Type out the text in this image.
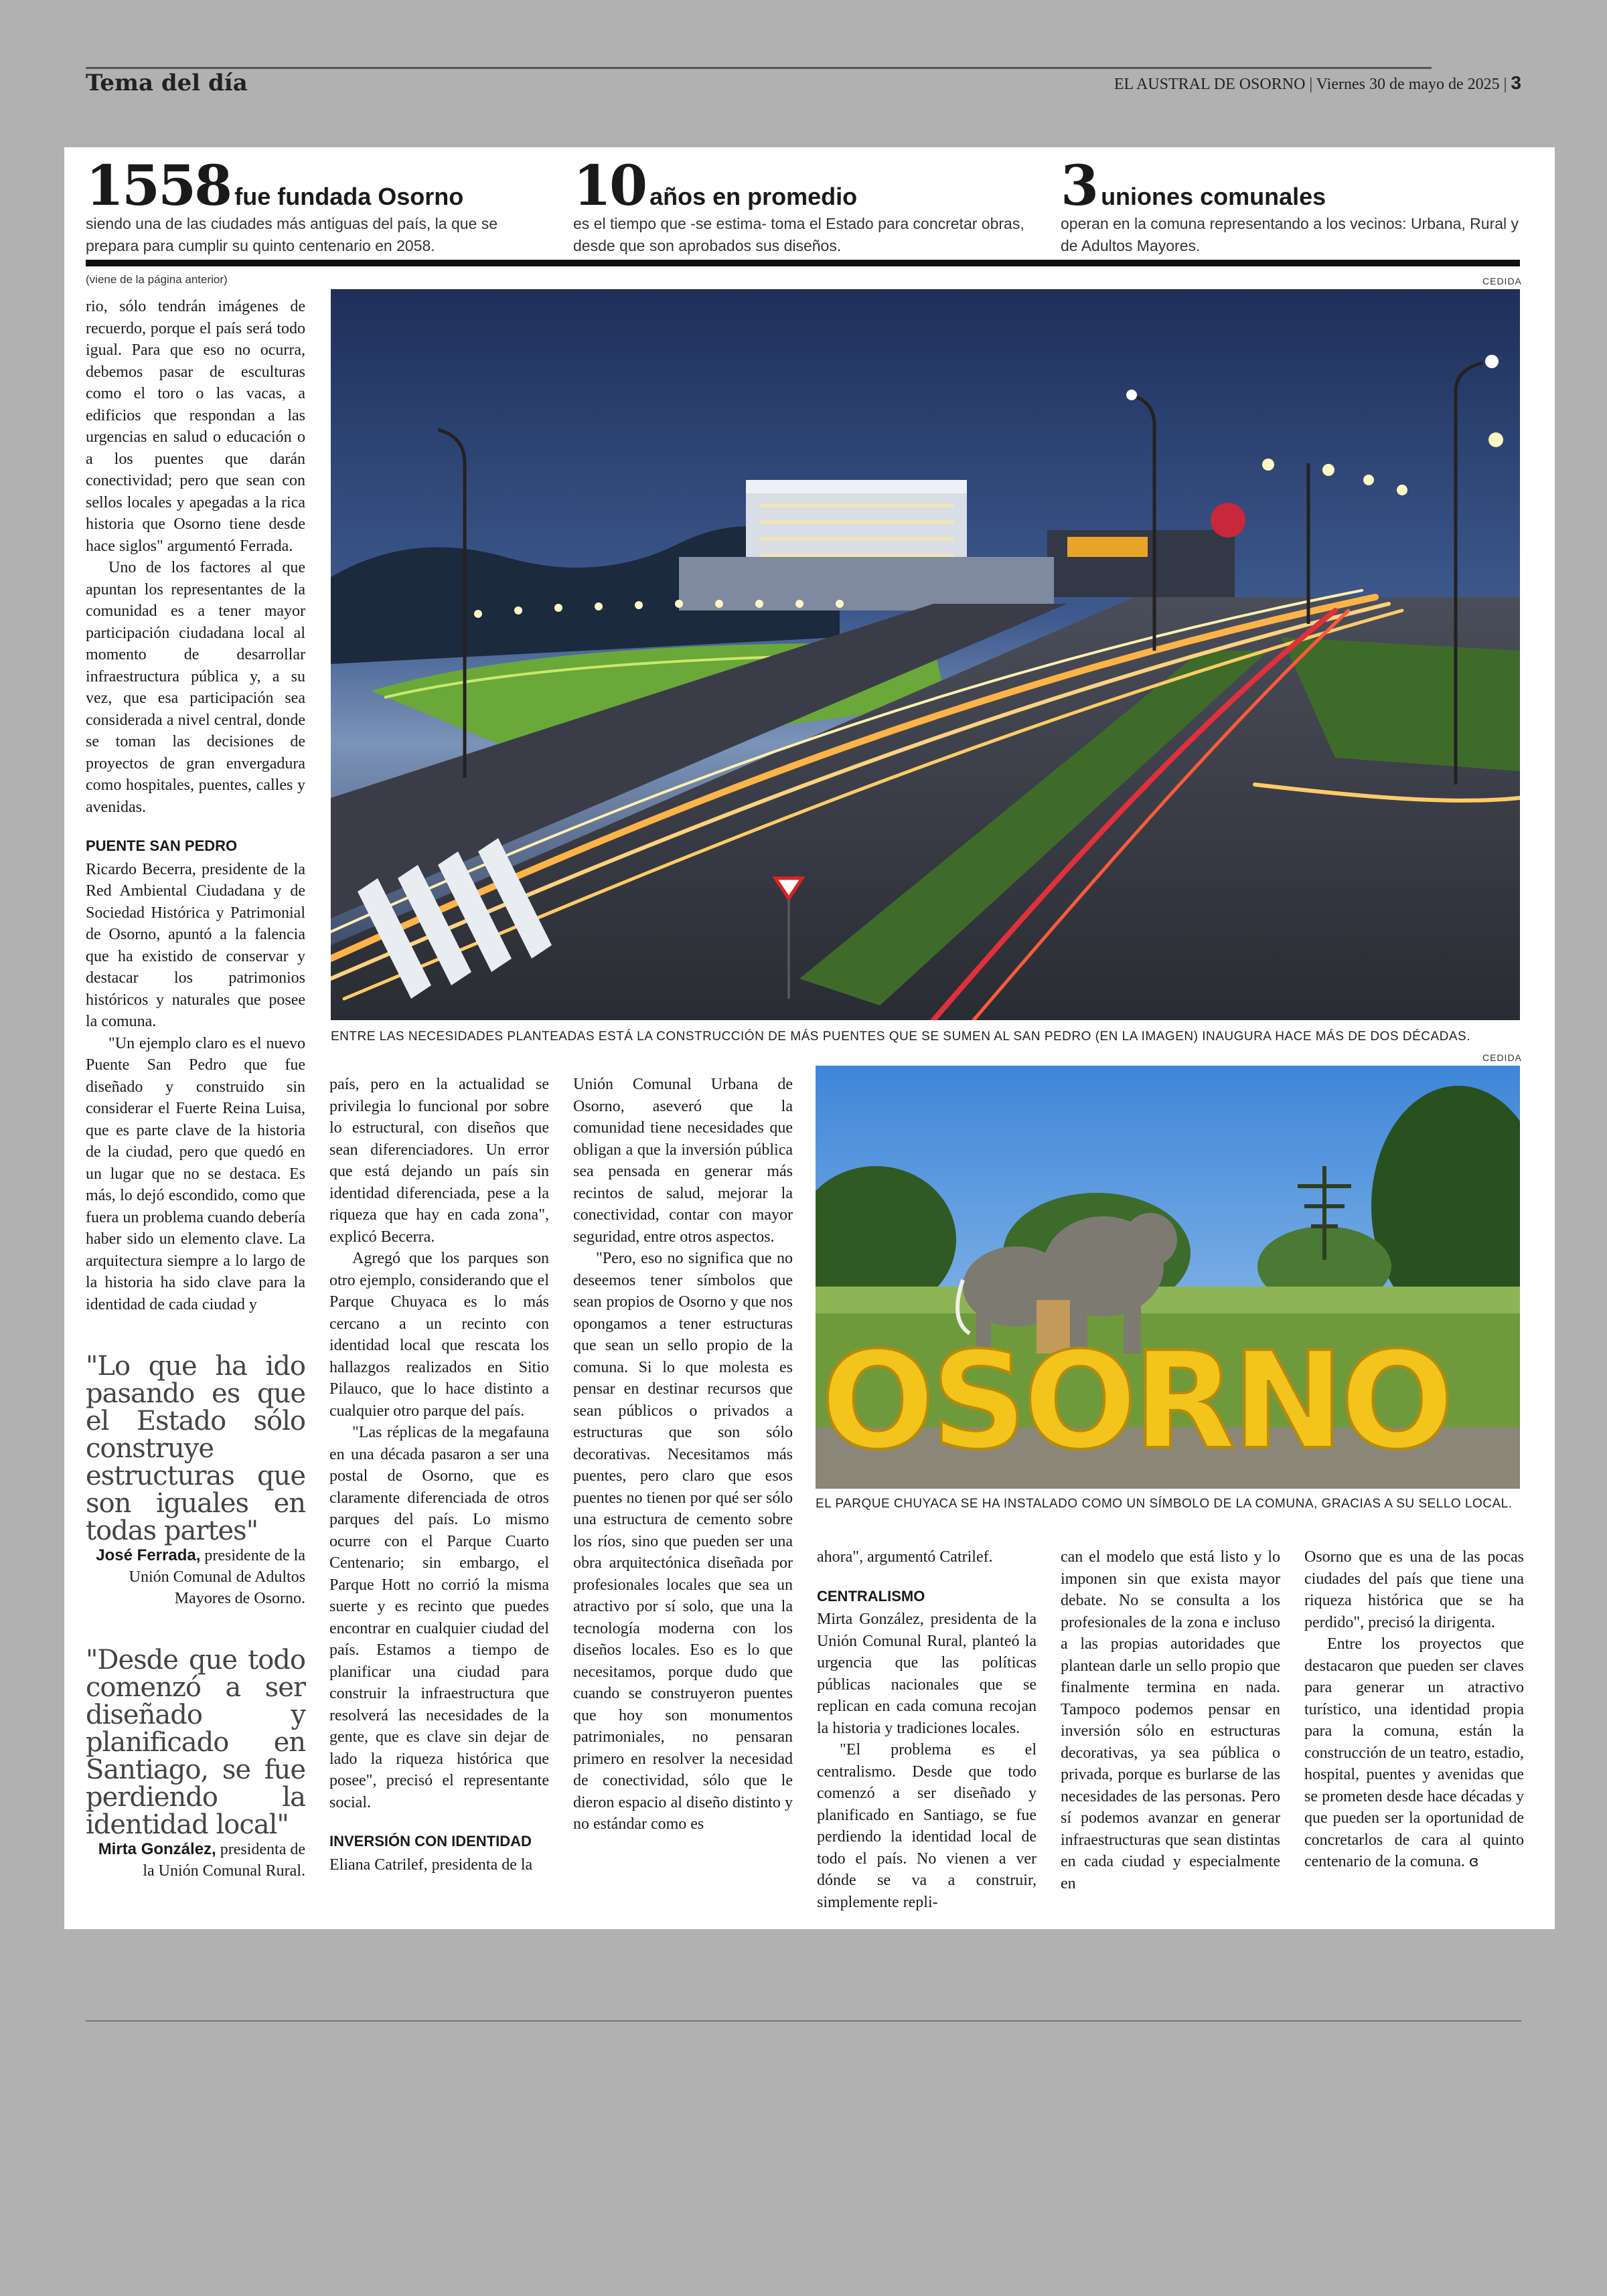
Tema del día	EL AUSTRAL DE OSORNO | Viernes 30 de mayo de 2025 | 3
1558 fue fundada Osorno
siendo una de las ciudades más antiguas del país, la que se prepara para cumplir su quinto centenario en 2058.
10 años en promedio
es el tiempo que -se estima- toma el Estado para concretar obras, desde que son aprobados sus diseños.
3 uniones comunales
operan en la comuna representando a los vecinos: Urbana, Rural y de Adultos Mayores.
(viene de la página anterior)	CEDIDA
ENTRE LAS NECESIDADES PLANTEADAS ESTÁ LA CONSTRUCCIÓN DE MÁS PUENTES QUE SE SUMEN AL SAN PEDRO (EN LA IMAGEN) INAUGURA HACE MÁS DE DOS DÉCADAS.
CEDIDA
OSORNO
EL PARQUE CHUYACA SE HA INSTALADO COMO UN SÍMBOLO DE LA COMUNA, GRACIAS A SU SELLO LOCAL.

rio, sólo tendrán imágenes de recuerdo, porque el país será todo igual. Para que eso no ocurra, debemos pasar de esculturas como el toro o las vacas, a edificios que respondan a las urgencias en salud o educación o a los puentes que darán conectividad; pero que sean con sellos locales y apegadas a la rica historia que Osorno tiene desde hace siglos" argumentó Ferrada.

Uno de los factores al que apuntan los representantes de la comunidad es a tener mayor participación ciudadana local al momento de desarrollar infraestructura pública y, a su vez, que esa participación sea considerada a nivel central, donde se toman las decisiones de proyectos de gran envergadura como hospitales, puentes, calles y avenidas.

PUENTE SAN PEDRO

Ricardo Becerra, presidente de la Red Ambiental Ciudadana y de Sociedad Histórica y Patrimonial de Osorno, apuntó a la falencia que ha existido de conservar y destacar los patrimonios históricos y naturales que posee la comuna.

"Un ejemplo claro es el nuevo Puente San Pedro que fue diseñado y construido sin considerar el Fuerte Reina Luisa, que es parte clave de la historia de la ciudad, pero que quedó en un lugar que no se destaca. Es más, lo dejó escondido, como que fuera un problema cuando debería haber sido un elemento clave. La arquitectura siempre a lo largo de la historia ha sido clave para la identidad de cada ciudad y

"Lo que ha ido pasando es que el Estado sólo construye estructuras que son iguales en todas partes"

José Ferrada, presidente de la Unión Comunal de Adultos Mayores de Osorno.

"Desde que todo comenzó a ser diseñado y planificado en Santiago, se fue perdiendo la identidad local"

Mirta González, presidenta de la Unión Comunal Rural.

país, pero en la actualidad se privilegia lo funcional por sobre lo estructural, con diseños que sean diferenciadores. Un error que está dejando un país sin identidad diferenciada, pese a la riqueza que hay en cada zona", explicó Becerra.

Agregó que los parques son otro ejemplo, considerando que el Parque Chuyaca es lo más cercano a un recinto con identidad local que rescata los hallazgos realizados en Sitio Pilauco, que lo hace distinto a cualquier otro parque del país.

"Las réplicas de la megafauna en una década pasaron a ser una postal de Osorno, que es claramente diferenciada de otros parques del país. Lo mismo ocurre con el Parque Cuarto Centenario; sin embargo, el Parque Hott no corrió la misma suerte y es recinto que puedes encontrar en cualquier ciudad del país. Estamos a tiempo de planificar una ciudad para construir la infraestructura que resolverá las necesidades de la gente, que es clave sin dejar de lado la riqueza histórica que posee", precisó el representante social.

INVERSIÓN CON IDENTIDAD

Eliana Catrilef, presidenta de la

Unión Comunal Urbana de Osorno, aseveró que la comunidad tiene necesidades que obligan a que la inversión pública sea pensada en generar más recintos de salud, mejorar la conectividad, contar con mayor seguridad, entre otros aspectos.

"Pero, eso no significa que no deseemos tener símbolos que sean propios de Osorno y que nos opongamos a tener estructuras que sean un sello propio de la comuna. Si lo que molesta es pensar en destinar recursos que sean públicos o privados a estructuras que son sólo decorativas. Necesitamos más puentes, pero claro que esos puentes no tienen por qué ser sólo una estructura de cemento sobre los ríos, sino que pueden ser una obra arquitectónica diseñada por profesionales locales que sea un atractivo por sí solo, que una la tecnología moderna con los diseños locales. Eso es lo que necesitamos, porque dudo que cuando se construyeron puentes que hoy son monumentos patrimoniales, no pensaran primero en resolver la necesidad de conectividad, sólo que le dieron espacio al diseño distinto y no estándar como es

ahora", argumentó Catrilef.

CENTRALISMO

Mirta González, presidenta de la Unión Comunal Rural, planteó la urgencia que las políticas públicas nacionales que se replican en cada comuna recojan la historia y tradiciones locales.

"El problema es el centralismo. Desde que todo comenzó a ser diseñado y planificado en Santiago, se fue perdiendo la identidad local de todo el país. No vienen a ver dónde se va a construir, simplemente repli-

can el modelo que está listo y lo imponen sin que exista mayor debate. No se consulta a los profesionales de la zona e incluso a las propias autoridades que plantean darle un sello propio que finalmente termina en nada. Tampoco podemos pensar en inversión sólo en estructuras decorativas, ya sea pública o privada, porque es burlarse de las necesidades de las personas. Pero sí podemos avanzar en generar infraestructuras que sean distintas en cada ciudad y especialmente en

Osorno que es una de las pocas ciudades del país que tiene una riqueza histórica que se ha perdido", precisó la dirigenta.

Entre los proyectos que destacaron que pueden ser claves para generar un atractivo turístico, una identidad propia para la comuna, están la construcción de un teatro, estadio, hospital, puentes y avenidas que se prometen desde hace décadas y que pueden ser la oportunidad de concretarlos de cara al quinto centenario de la comuna. ɞ
